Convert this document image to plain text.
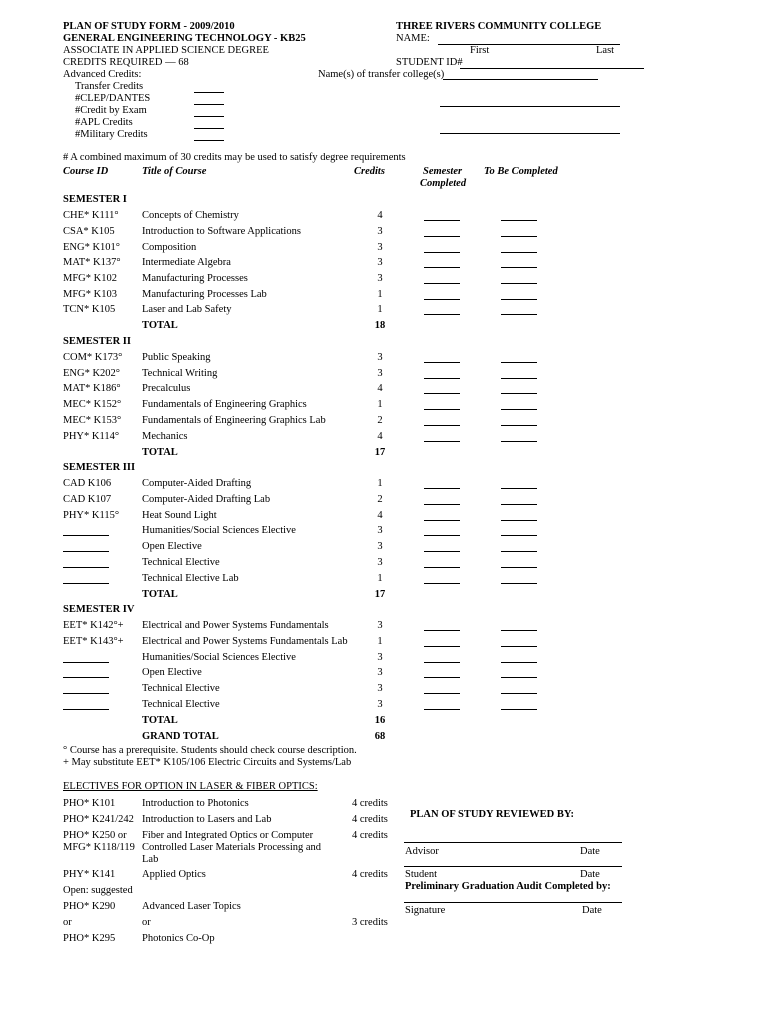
PLAN OF STUDY FORM - 2009/2010
GENERAL ENGINEERING TECHNOLOGY - KB25
ASSOCIATE IN APPLIED SCIENCE DEGREE
CREDITS REQUIRED — 68
Advanced Credits:
Transfer Credits
#CLEP/DANTES
#Credit by Exam
#APL Credits
#Military Credits
THREE RIVERS COMMUNITY COLLEGE
NAME:
First	Last
STUDENT ID#
Name(s) of transfer college(s)
# A combined maximum of 30 credits may be used to satisfy degree requirements
Course ID	Title of Course	Credits	Semester
Completed
To Be Completed
SEMESTER I
CHE* K111° Concepts of Chemistry	4
CSA* K105	Introduction to Software Applications	3
ENG* K101° Composition	3
MAT* K137° Intermediate Algebra	3
MFG* K102 Manufacturing Processes	3
MFG* K103 Manufacturing Processes Lab	1
TCN* K105	Laser and Lab Safety	1
TOTAL	18
SEMESTER II
COM* K173° Public Speaking	3
ENG* K202° Technical Writing	3
MAT* K186° Precalculus	4
MEC* K152° Fundamentals of Engineering Graphics	1
MEC* K153° Fundamentals of Engineering Graphics Lab	2
PHY* K114° Mechanics	4
TOTAL	17
SEMESTER III
CAD K106	Computer-Aided Drafting	1
CAD K107	Computer-Aided Drafting Lab	2
PHY* K115° Heat Sound Light	4
Humanities/Social Sciences Elective	3
Open Elective	3
Technical Elective	3
Technical Elective Lab	1
TOTAL	17
SEMESTER IV
EET* K142°+ Electrical and Power Systems Fundamentals	3
EET* K143°+ Electrical and Power Systems Fundamentals Lab	1
Humanities/Social Sciences Elective	3
Open Elective	3
Technical Elective	3
Technical Elective	3
TOTAL	16
GRAND TOTAL	68
° Course has a prerequisite. Students should check course description.
+ May substitute EET* K105/106 Electric Circuits and Systems/Lab
ELECTIVES FOR OPTION IN LASER & FIBER OPTICS:
PHO* K101	Introduction to Photonics	4 credits
PHO* K241/242 Introduction to Lasers and Lab	4 credits
PHO* K250 or
MFG* K118/119
Fiber and Integrated Optics or Computer
Controlled Laser Materials Processing and
Lab
4 credits
PHY* K141	Applied Optics	4 credits
Open: suggested
PHO* K290	Advanced Laser Topics
or	or	3 credits
PHO* K295	Photonics Co-Op
PLAN OF STUDY REVIEWED BY:
Advisor	Date
Student	Date
Preliminary Graduation Audit Completed by:
Signature	Date
